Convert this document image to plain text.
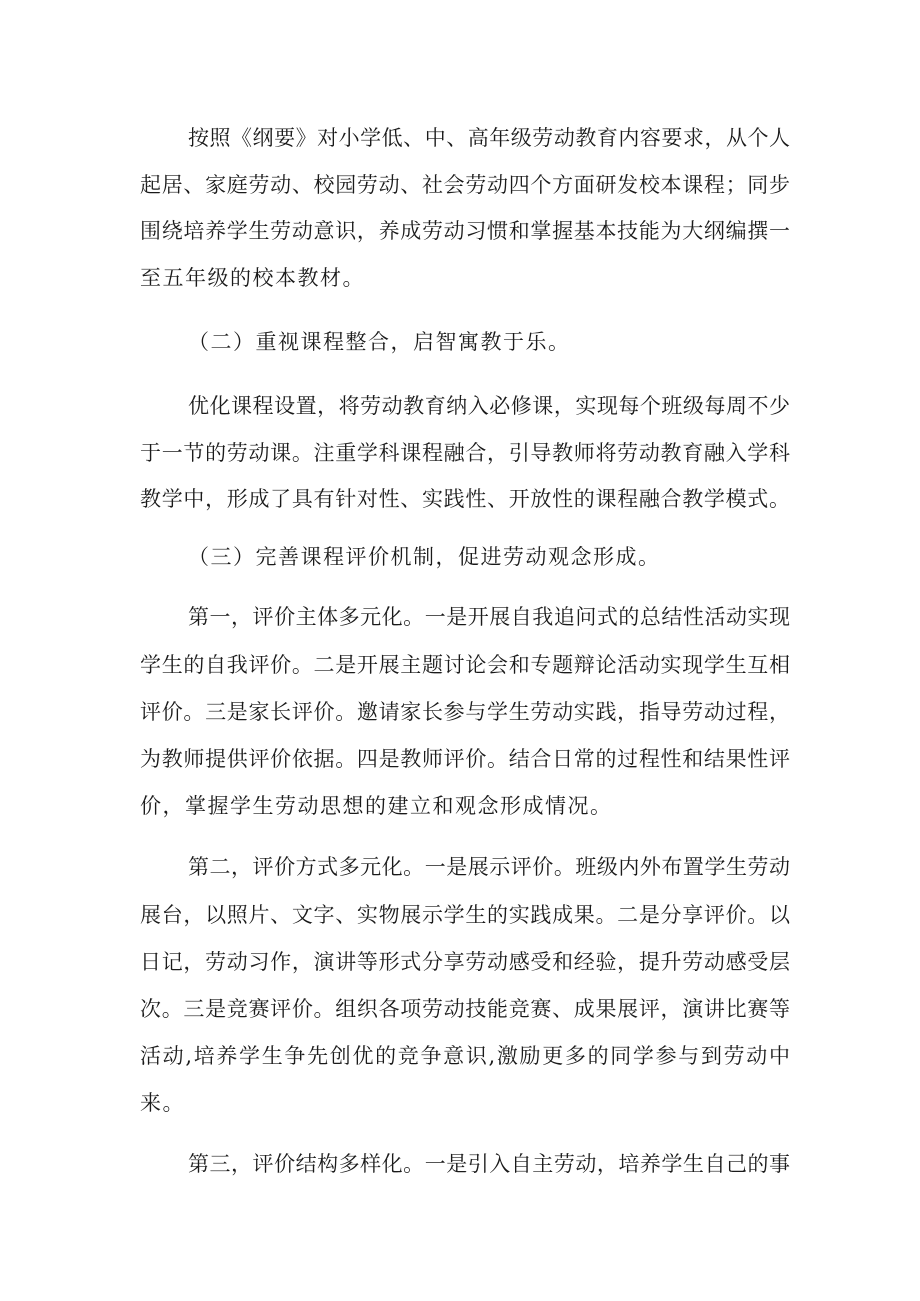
按照《纲要》对小学低、中、高年级劳动教育内容要求，从个人
起居、家庭劳动、校园劳动、社会劳动四个方面研发校本课程；同步
围绕培养学生劳动意识，养成劳动习惯和掌握基本技能为大纲编撰一
至五年级的校本教材。
（二）重视课程整合，启智寓教于乐。
优化课程设置，将劳动教育纳入必修课，实现每个班级每周不少
于一节的劳动课。注重学科课程融合，引导教师将劳动教育融入学科
教学中，形成了具有针对性、实践性、开放性的课程融合教学模式。
（三）完善课程评价机制，促进劳动观念形成。
第一，评价主体多元化。一是开展自我追问式的总结性活动实现
学生的自我评价。二是开展主题讨论会和专题辩论活动实现学生互相
评价。三是家长评价。邀请家长参与学生劳动实践，指导劳动过程，
为教师提供评价依据。四是教师评价。结合日常的过程性和结果性评
价，掌握学生劳动思想的建立和观念形成情况。
第二，评价方式多元化。一是展示评价。班级内外布置学生劳动
展台，以照片、文字、实物展示学生的实践成果。二是分享评价。以
日记，劳动习作，演讲等形式分享劳动感受和经验，提升劳动感受层
次。三是竞赛评价。组织各项劳动技能竞赛、成果展评，演讲比赛等
活动,培养学生争先创优的竞争意识,激励更多的同学参与到劳动中
来。
第三，评价结构多样化。一是引入自主劳动，培养学生自己的事
